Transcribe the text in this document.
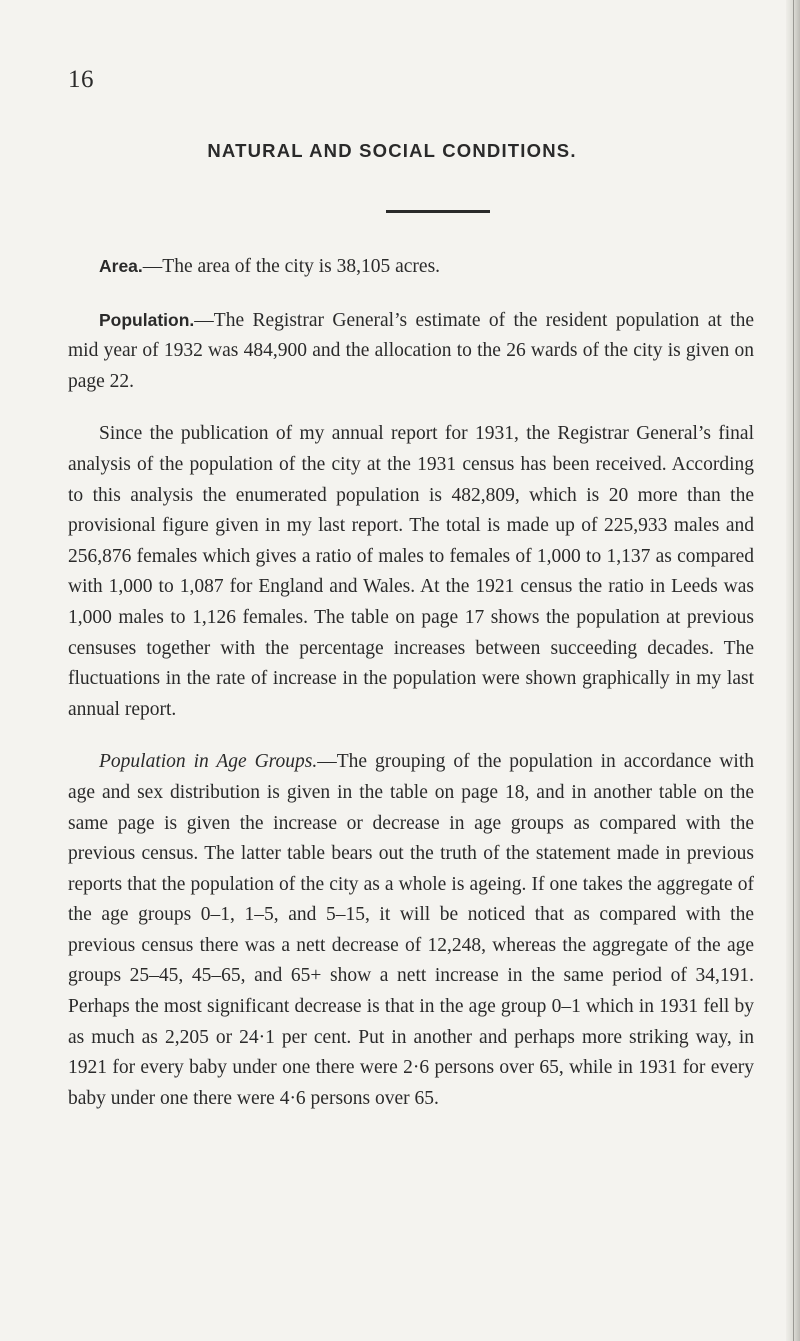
16
NATURAL AND SOCIAL CONDITIONS.

Area.—The area of the city is 38,105 acres.

Population.—The Registrar General’s estimate of the resident population at the mid year of 1932 was 484,900 and the allocation to the 26 wards of the city is given on page 22.

Since the publication of my annual report for 1931, the Registrar General’s final analysis of the population of the city at the 1931 census has been received. According to this analysis the enumerated population is 482,809, which is 20 more than the provisional figure given in my last report. The total is made up of 225,933 males and 256,876 females which gives a ratio of males to females of 1,000 to 1,137 as compared with 1,000 to 1,087 for England and Wales. At the 1921 census the ratio in Leeds was 1,000 males to 1,126 females. The table on page 17 shows the population at previous censuses together with the percentage increases between succeeding decades. The fluctuations in the rate of increase in the population were shown graphically in my last annual report.

Population in Age Groups.—The grouping of the population in accordance with age and sex distribution is given in the table on page 18, and in another table on the same page is given the increase or decrease in age groups as compared with the previous census. The latter table bears out the truth of the statement made in previous reports that the population of the city as a whole is ageing. If one takes the aggregate of the age groups 0–1, 1–5, and 5–15, it will be noticed that as compared with the previous census there was a nett decrease of 12,248, whereas the aggregate of the age groups 25–45, 45–65, and 65+ show a nett increase in the same period of 34,191. Perhaps the most significant decrease is that in the age group 0–1 which in 1931 fell by as much as 2,205 or 24·1 per cent. Put in another and perhaps more striking way, in 1921 for every baby under one there were 2·6 persons over 65, while in 1931 for every baby under one there were 4·6 persons over 65.
